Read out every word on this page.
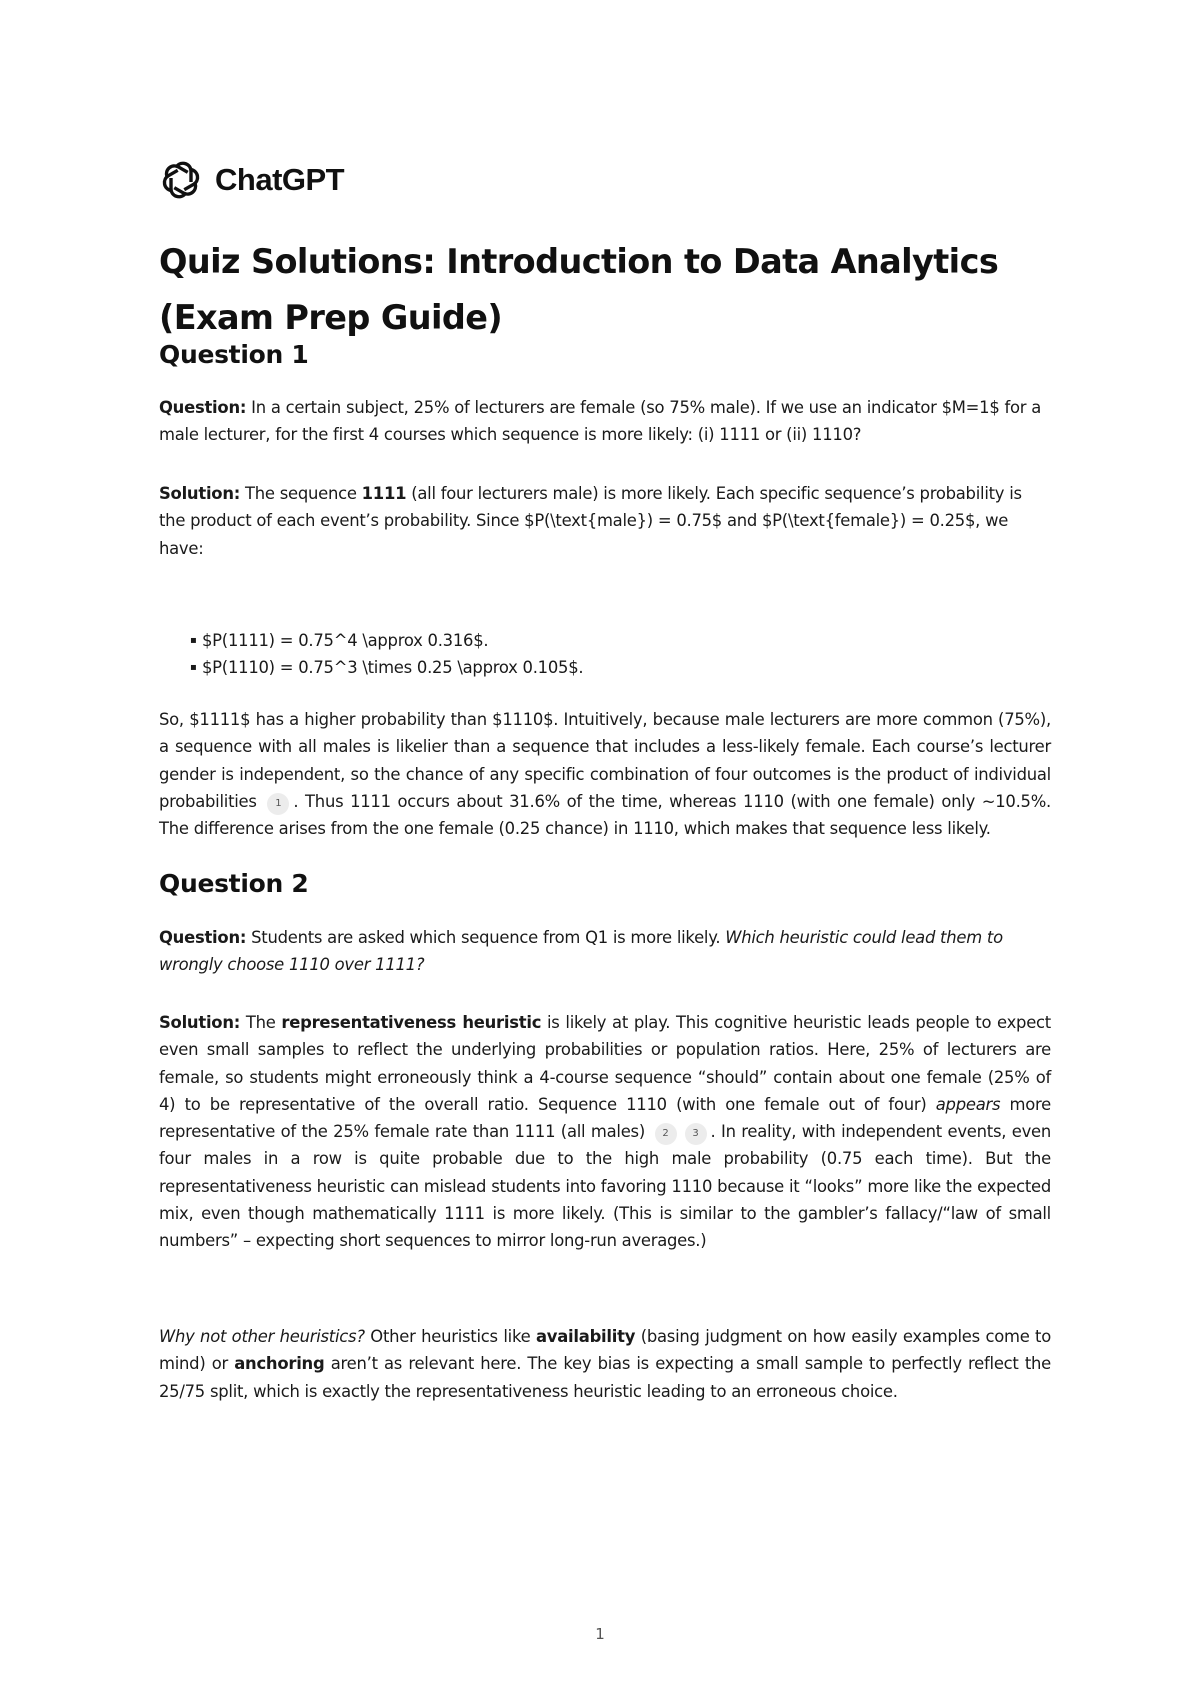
ChatGPT
Quiz Solutions: Introduction to Data Analytics (Exam Prep Guide)
Question 1

Question: In a certain subject, 25% of lecturers are female (so 75% male). If we use an indicator $M=1$ for a male lecturer, for the first 4 courses which sequence is more likely: (i) 1111 or (ii) 1110?

Solution: The sequence 1111 (all four lecturers male) is more likely. Each specific sequence’s probability is the product of each event’s probability. Since $P(\text{male}) = 0.75$ and $P(\text{female}) = 0.25$, we have:

▪ $P(1111) = 0.75^4 \approx 0.316$.
▪ $P(1110) = 0.75^3 \times 0.25 \approx 0.105$.

So, $1111$ has a higher probability than $1110$. Intuitively, because male lecturers are more common (75%), a sequence with all males is likelier than a sequence that includes a less-likely female. Each course’s lecturer gender is independent, so the chance of any specific combination of four outcomes is the product of individual probabilities 1 . Thus 1111 occurs about 31.6% of the time, whereas 1110 (with one female) only ~10.5%. The difference arises from the one female (0.25 chance) in 1110, which makes that sequence less likely.

Question 2

Question: Students are asked which sequence from Q1 is more likely. Which heuristic could lead them to wrongly choose 1110 over 1111?

Solution: The representativeness heuristic is likely at play. This cognitive heuristic leads people to expect even small samples to reflect the underlying probabilities or population ratios. Here, 25% of lecturers are female, so students might erroneously think a 4-course sequence “should” contain about one female (25% of 4) to be representative of the overall ratio. Sequence 1110 (with one female out of four) appears more representative of the 25% female rate than 1111 (all males) 2 3 . In reality, with independent events, even four males in a row is quite probable due to the high male probability (0.75 each time). But the representativeness heuristic can mislead students into favoring 1110 because it “looks” more like the expected mix, even though mathematically 1111 is more likely. (This is similar to the gambler’s fallacy/“law of small numbers” – expecting short sequences to mirror long-run averages.)

Why not other heuristics? Other heuristics like availability (basing judgment on how easily examples come to mind) or anchoring aren’t as relevant here. The key bias is expecting a small sample to perfectly reflect the 25/75 split, which is exactly the representativeness heuristic leading to an erroneous choice.

1
